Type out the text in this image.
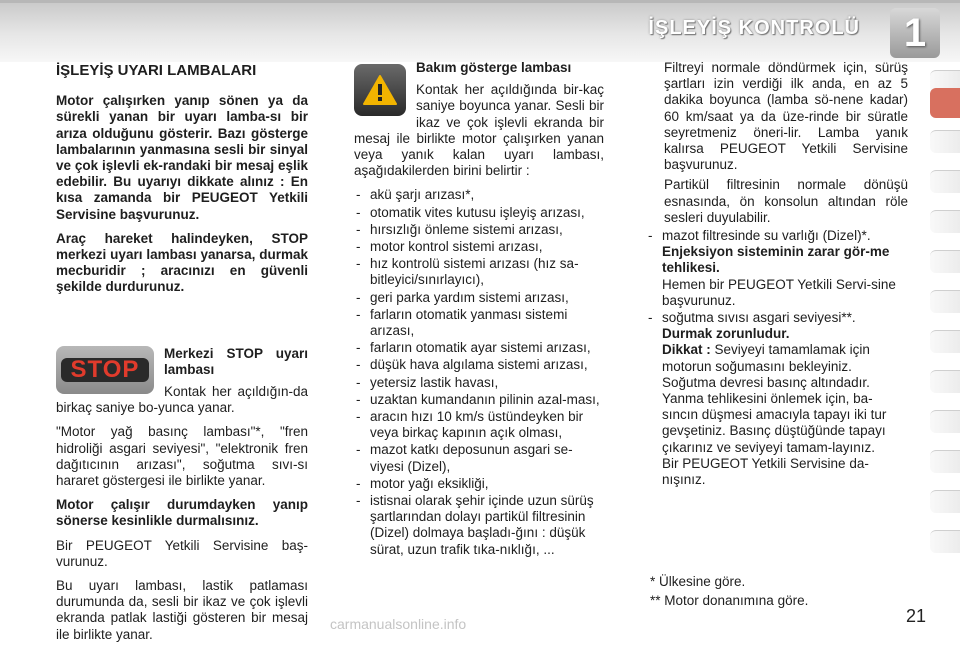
İŞLEYİŞ KONTROLÜ	1
İŞLEYİŞ UYARI LAMBALARI

Motor çalışırken yanıp sönen ya da sürekli yanan bir uyarı lamba-sı bir arıza olduğunu gösterir. Bazı gösterge lambalarının yanmasına sesli bir sinyal ve çok işlevli ek-randaki bir mesaj eşlik edebilir. Bu uyarıyı dikkate alınız : En kısa zamanda bir PEUGEOT Yetkili Servisine başvurunuz.

Araç hareket halindeyken, STOP merkezi uyarı lambası yanarsa, durmak mecburidir ; aracınızı en güvenli şekilde durdurunuz.

STOP

Merkezi STOP uyarı lambası

Kontak her açıldığın-da birkaç saniye bo-yunca yanar.

"Motor yağ basınç lambası"*, "fren hidroliği asgari seviyesi", "elektronik fren dağıtıcının arızası", soğutma sıvı-sı hararet göstergesi ile birlikte yanar.

Motor çalışır durumdayken yanıp sönerse kesinlikle durmalısınız.

Bir PEUGEOT Yetkili Servisine baş-vurunuz.

Bu uyarı lambası, lastik patlaması durumunda da, sesli bir ikaz ve çok işlevli ekranda patlak lastiği gösteren bir mesaj ile birlikte yanar.

Bakım gösterge lambası

Kontak her açıldığında bir-kaç saniye boyunca yanar. Sesli bir ikaz ve çok işlevli ekranda bir mesaj ile birlikte motor çalışırken yanan veya yanık kalan uyarı lambası, aşağıdakilerden birini belirtir :

- akü şarjı arızası*,
- otomatik vites kutusu işleyiş arızası,
- hırsızlığı önleme sistemi arızası,
- motor kontrol sistemi arızası,
- hız kontrolü sistemi arızası (hız sa-bitleyici/sınırlayıcı),
- geri parka yardım sistemi arızası,
- farların otomatik yanması sistemi arızası,
- farların otomatik ayar sistemi arızası,
- düşük hava algılama sistemi arızası,
- yetersiz lastik havası,
- uzaktan kumandanın pilinin azal-ması,
- aracın hızı 10 km/s üstündeyken bir veya birkaç kapının açık olması,
- mazot katkı deposunun asgari se-viyesi (Dizel),
- motor yağı eksikliği,
- istisnai olarak şehir içinde uzun sürüş şartlarından dolayı partikül filtresinin (Dizel) dolmaya başladı-ğını : düşük sürat, uzun trafik tıka-nıklığı, ...

Filtreyi normale döndürmek için, sürüş şartları izin verdiği ilk anda, en az 5 dakika boyunca (lamba sö-nene kadar) 60 km/saat ya da üze-rinde bir süratle seyretmeniz öneri-lir. Lamba yanık kalırsa PEUGEOT Yetkili Servisine başvurunuz.

Partikül filtresinin normale dönüşü esnasında, ön konsolun altından röle sesleri duyulabilir.

- mazot filtresinde su varlığı (Dizel)*.
Enjeksiyon sisteminin zarar gör-me tehlikesi.
Hemen bir PEUGEOT Yetkili Servi-sine başvurunuz.
- soğutma sıvısı asgari seviyesi**.
Durmak zorunludur.
Dikkat : Seviyeyi tamamlamak için motorun soğumasını bekleyiniz. Soğutma devresi basınç altındadır.
Yanma tehlikesini önlemek için, ba-sıncın düşmesi amacıyla tapayı iki tur gevşetiniz. Basınç düştüğünde tapayı çıkarınız ve seviyeyi tamam-layınız.
Bir PEUGEOT Yetkili Servisine da-nışınız.
* Ülkesine göre.
** Motor donanımına göre.
carmanualsonline.info	21
